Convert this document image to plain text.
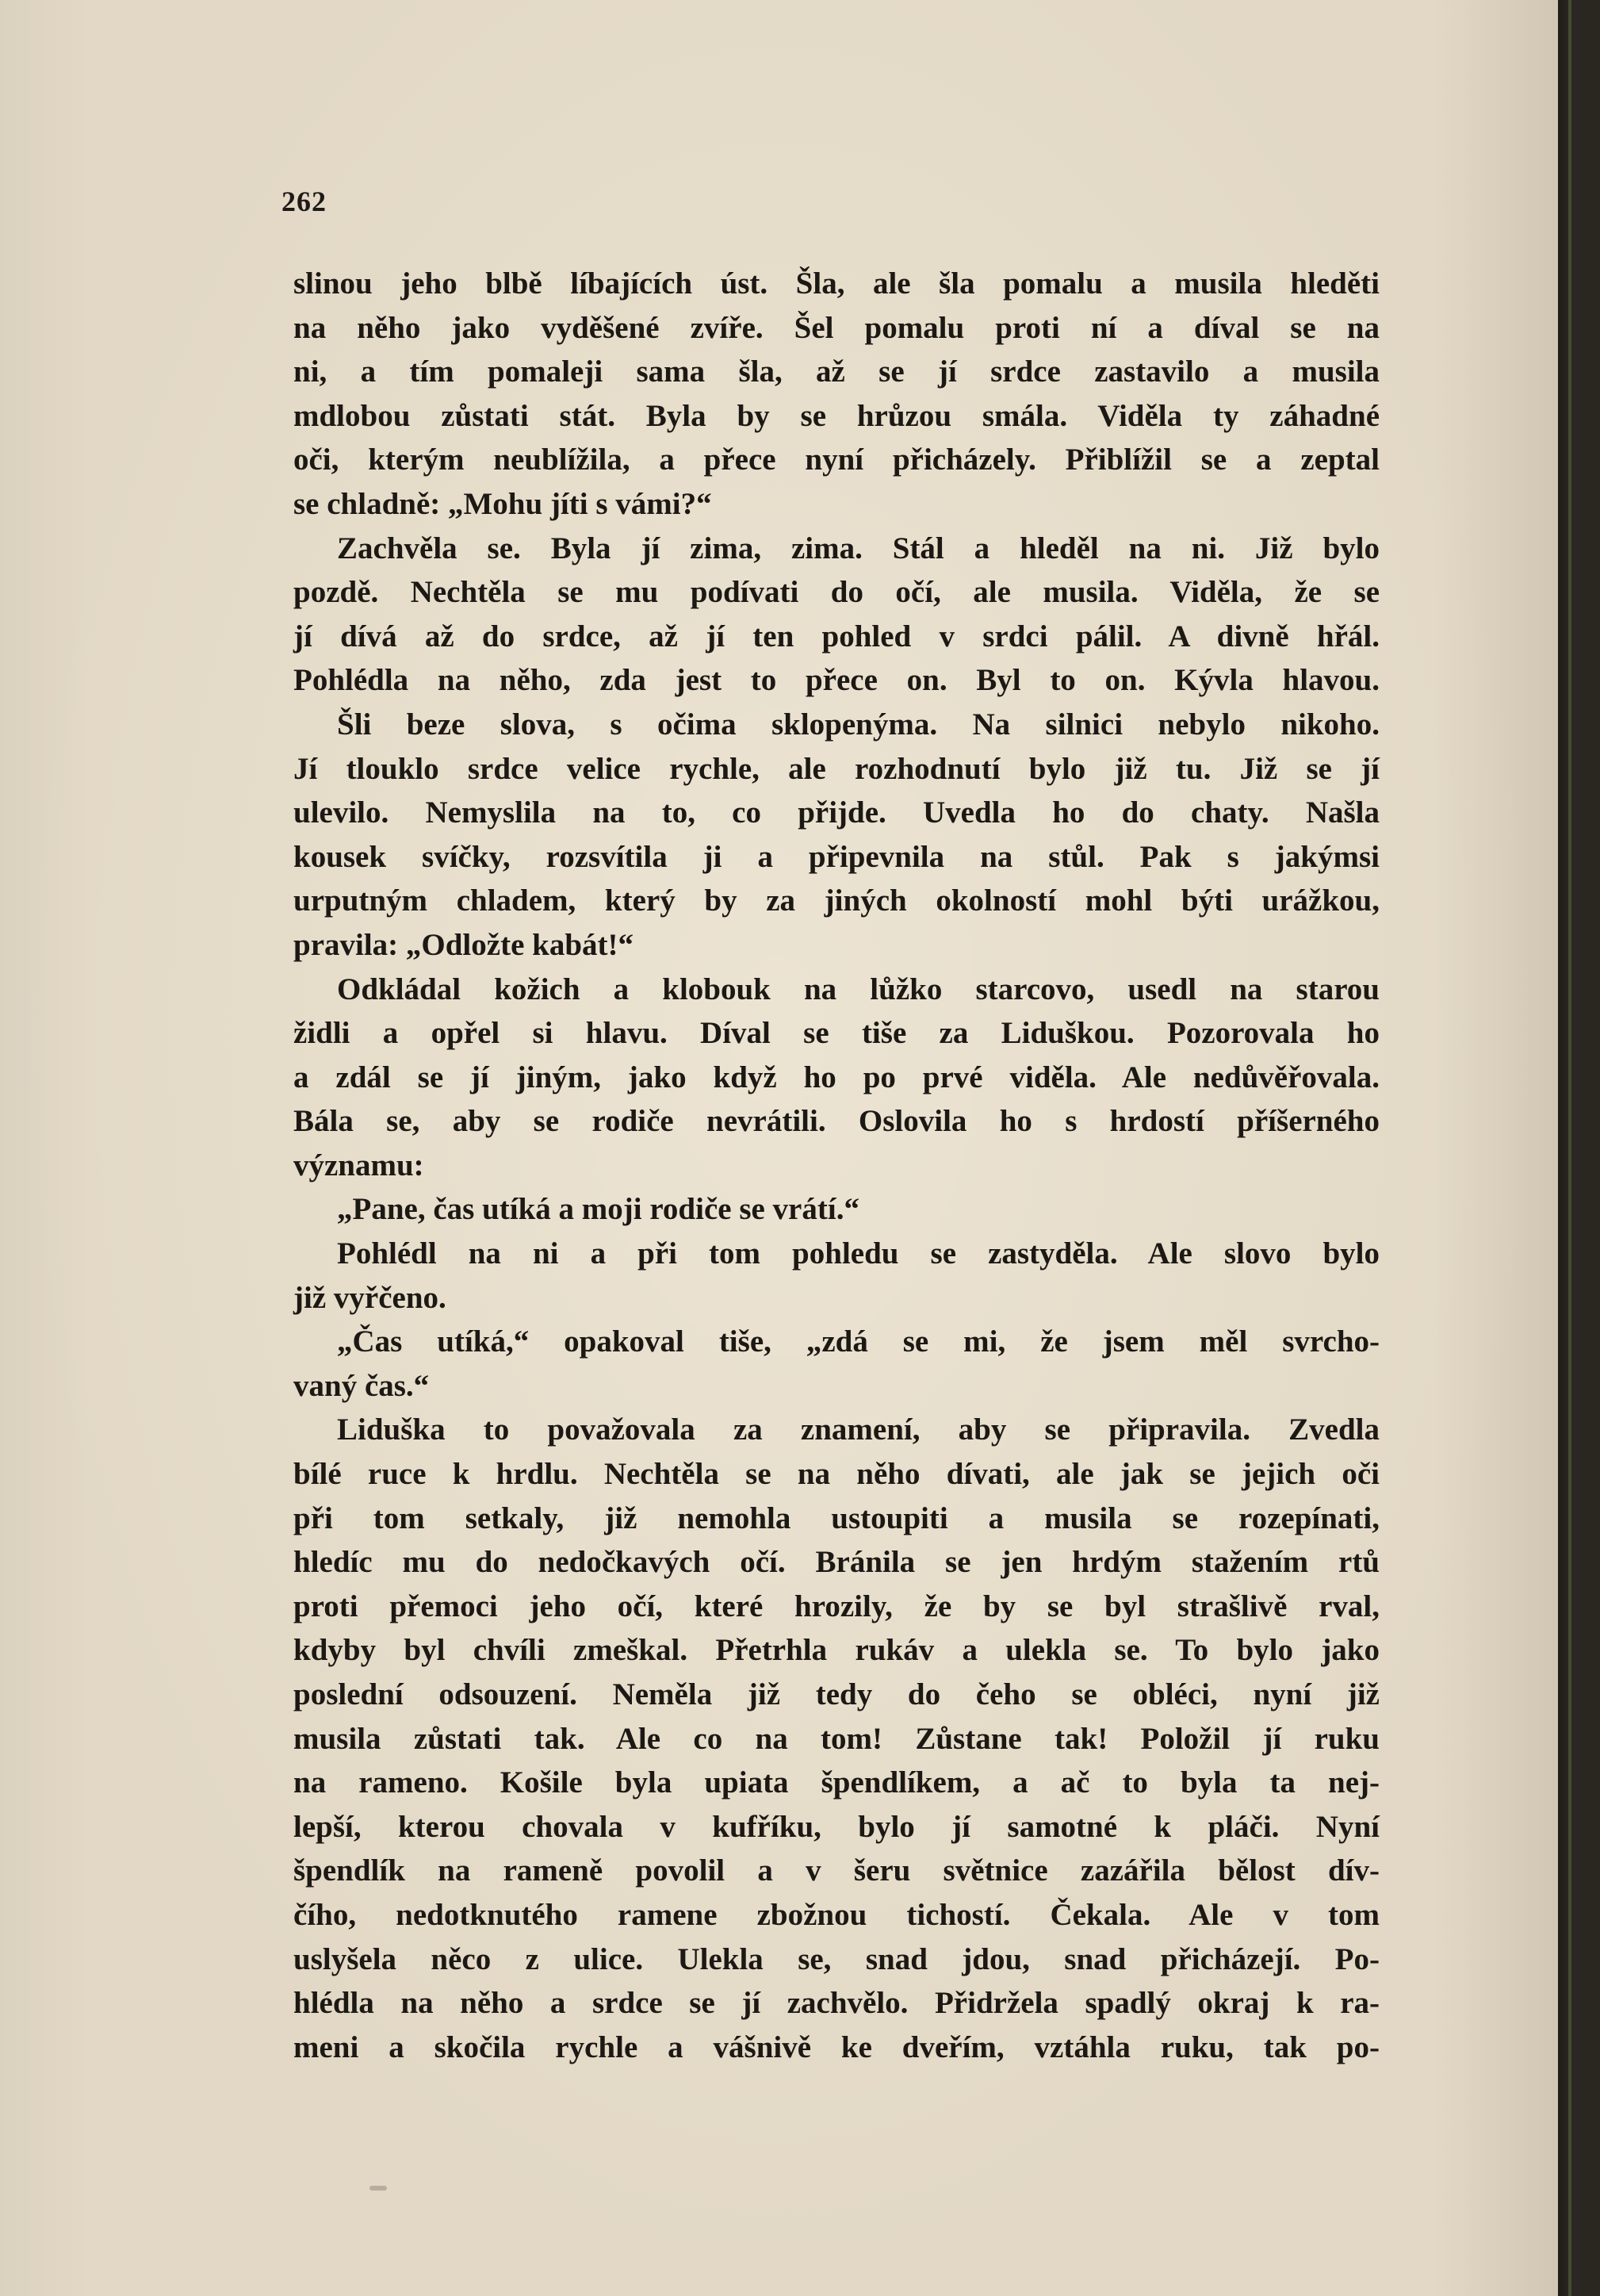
262
slinou jeho blbě líbajících úst. Šla, ale šla pomalu a musila hleděti
na něho jako vyděšené zvíře. Šel pomalu proti ní a díval se na
ni, a tím pomaleji sama šla, až se jí srdce zastavilo a musila
mdlobou zůstati stát. Byla by se hrůzou smála. Viděla ty záhadné
oči, kterým neublížila, a přece nyní přicházely. Přiblížil se a zeptal
se chladně: „Mohu jíti s vámi?“
Zachvěla se. Byla jí zima, zima. Stál a hleděl na ni. Již bylo
pozdě. Nechtěla se mu podívati do očí, ale musila. Viděla, že se
jí dívá až do srdce, až jí ten pohled v srdci pálil. A divně hřál.
Pohlédla na něho, zda jest to přece on. Byl to on. Kývla hlavou.
Šli beze slova, s očima sklopenýma. Na silnici nebylo nikoho.
Jí tlouklo srdce velice rychle, ale rozhodnutí bylo již tu. Již se jí
ulevilo. Nemyslila na to, co přijde. Uvedla ho do chaty. Našla
kousek svíčky, rozsvítila ji a připevnila na stůl. Pak s jakýmsi
urputným chladem, který by za jiných okolností mohl býti urážkou,
pravila: „Odložte kabát!“
Odkládal kožich a klobouk na lůžko starcovo, usedl na starou
židli a opřel si hlavu. Díval se tiše za Liduškou. Pozorovala ho
a zdál se jí jiným, jako když ho po prvé viděla. Ale nedůvěřovala.
Bála se, aby se rodiče nevrátili. Oslovila ho s hrdostí příšerného
významu:
„Pane, čas utíká a moji rodiče se vrátí.“
Pohlédl na ni a při tom pohledu se zastyděla. Ale slovo bylo
již vyřčeno.
„Čas utíká,“ opakoval tiše, „zdá se mi, že jsem měl svrcho-
vaný čas.“
Liduška to považovala za znamení, aby se připravila. Zvedla
bílé ruce k hrdlu. Nechtěla se na něho dívati, ale jak se jejich oči
při tom setkaly, již nemohla ustoupiti a musila se rozepínati,
hledíc mu do nedočkavých očí. Bránila se jen hrdým stažením rtů
proti přemoci jeho očí, které hrozily, že by se byl strašlivě rval,
kdyby byl chvíli zmeškal. Přetrhla rukáv a ulekla se. To bylo jako
poslední odsouzení. Neměla již tedy do čeho se obléci, nyní již
musila zůstati tak. Ale co na tom! Zůstane tak! Položil jí ruku
na rameno. Košile byla upiata špendlíkem, a ač to byla ta nej-
lepší, kterou chovala v kufříku, bylo jí samotné k pláči. Nyní
špendlík na rameně povolil a v šeru světnice zazářila bělost dív-
čího, nedotknutého ramene zbožnou tichostí. Čekala. Ale v tom
uslyšela něco z ulice. Ulekla se, snad jdou, snad přicházejí. Po-
hlédla na něho a srdce se jí zachvělo. Přidržela spadlý okraj k ra-
meni a skočila rychle a vášnivě ke dveřím, vztáhla ruku, tak po-
